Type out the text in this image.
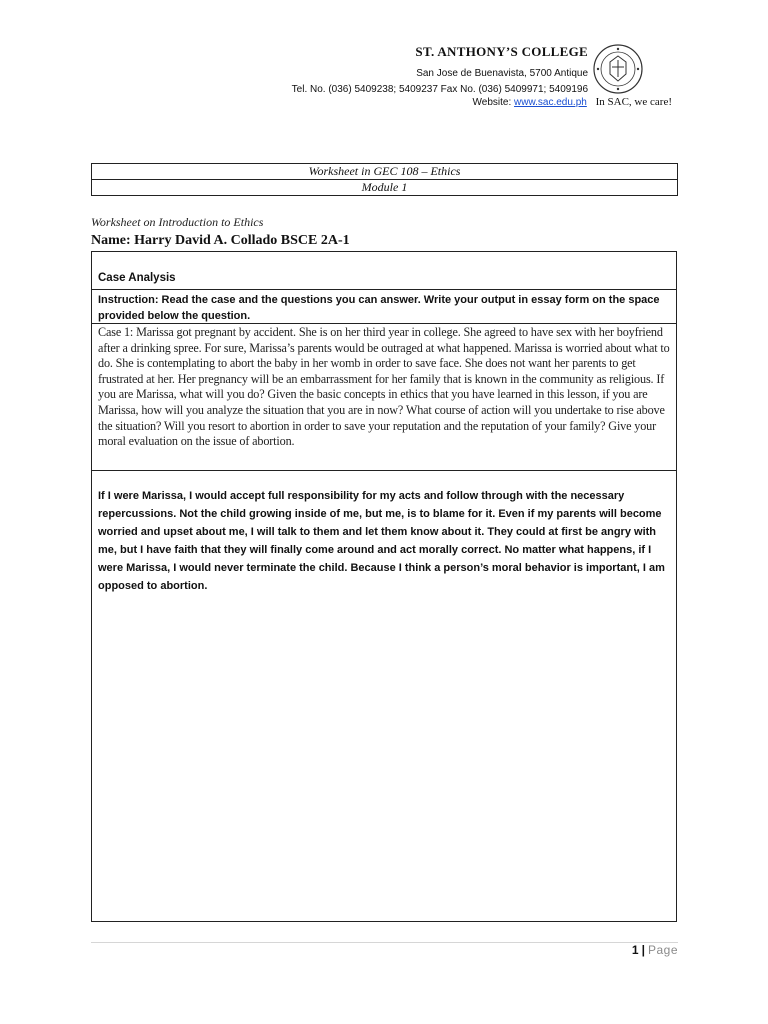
ST. ANTHONY’S COLLEGE
San Jose de Buenavista, 5700 Antique
Tel. No. (036) 5409238; 5409237 Fax No. (036) 5409971; 5409196
Website: www.sac.edu.ph In SAC, we care!
Worksheet in GEC 108 – Ethics
Module 1
Worksheet on Introduction to Ethics
Name: Harry David A. Collado BSCE 2A-1
Case Analysis
Instruction: Read the case and the questions you can answer. Write your output in essay form on the space provided below the question.
Case 1: Marissa got pregnant by accident. She is on her third year in college. She agreed to have sex with her boyfriend after a drinking spree. For sure, Marissa’s parents would be outraged at what happened. Marissa is worried about what to do. She is contemplating to abort the baby in her womb in order to save face. She does not want her parents to get frustrated at her. Her pregnancy will be an embarrassment for her family that is known in the community as religious. If you are Marissa, what will you do? Given the basic concepts in ethics that you have learned in this lesson, if you are Marissa, how will you analyze the situation that you are in now? What course of action will you undertake to rise above the situation? Will you resort to abortion in order to save your reputation and the reputation of your family? Give your moral evaluation on the issue of abortion.
If I were Marissa, I would accept full responsibility for my acts and follow through with the necessary repercussions. Not the child growing inside of me, but me, is to blame for it. Even if my parents will become worried and upset about me, I will talk to them and let them know about it. They could at first be angry with me, but I have faith that they will finally come around and act morally correct. No matter what happens, if I were Marissa, I would never terminate the child. Because I think a person’s moral behavior is important, I am opposed to abortion.
1 | Page
